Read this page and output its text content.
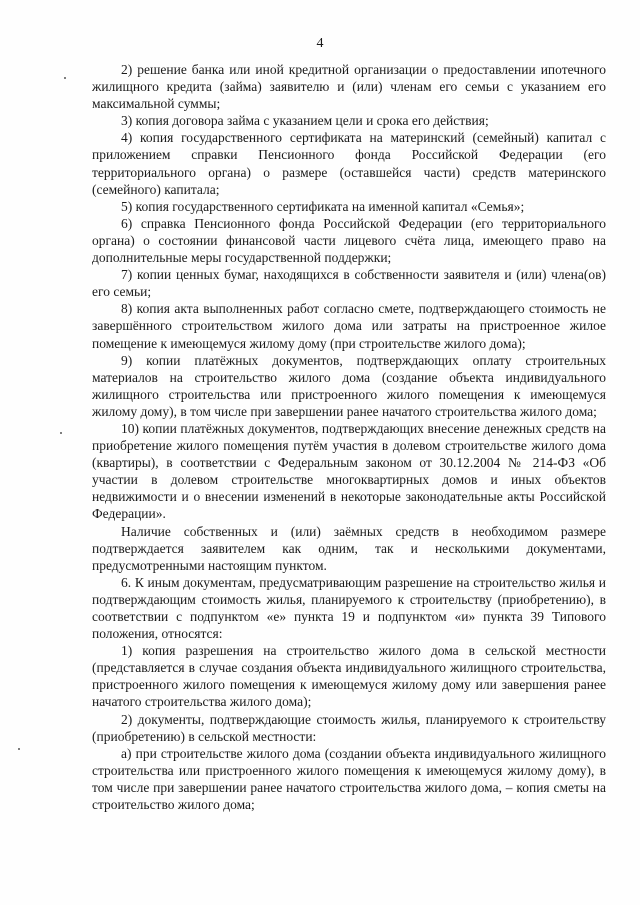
4

2) решение банка или иной кредитной организации о предоставлении ипотечного жилищного кредита (займа) заявителю и (или) членам его семьи с указанием его максимальной суммы;

3) копия договора займа с указанием цели и срока его действия;

4) копия государственного сертификата на материнский (семейный) капитал с приложением справки Пенсионного фонда Российской Федерации (его территориального органа) о размере (оставшейся части) средств материнского (семейного) капитала;

5) копия государственного сертификата на именной капитал «Семья»;

6) справка Пенсионного фонда Российской Федерации (его территориального органа) о состоянии финансовой части лицевого счёта лица, имеющего право на дополнительные меры государственной поддержки;

7) копии ценных бумаг, находящихся в собственности заявителя и (или) члена(ов) его семьи;

8) копия акта выполненных работ согласно смете, подтверждающего стоимость не завершённого строительством жилого дома или затраты на пристроенное жилое помещение к имеющемуся жилому дому (при строительстве жилого дома);

9) копии платёжных документов, подтверждающих оплату строительных материалов на строительство жилого дома (создание объекта индивидуального жилищного строительства или пристроенного жилого помещения к имеющемуся жилому дому), в том числе при завершении ранее начатого строительства жилого дома;

10) копии платёжных документов, подтверждающих внесение денежных средств на приобретение жилого помещения путём участия в долевом строительстве жилого дома (квартиры), в соответствии с Федеральным законом от 30.12.2004 № 214-ФЗ «Об участии в долевом строительстве многоквартирных домов и иных объектов недвижимости и о внесении изменений в некоторые законодательные акты Российской Федерации».

Наличие собственных и (или) заёмных средств в необходимом размере подтверждается заявителем как одним, так и несколькими документами, предусмотренными настоящим пунктом.

6. К иным документам, предусматривающим разрешение на строительство жилья и подтверждающим стоимость жилья, планируемого к строительству (приобретению), в соответствии с подпунктом «е» пункта 19 и подпунктом «и» пункта 39 Типового положения, относятся:

1) копия разрешения на строительство жилого дома в сельской местности (представляется в случае создания объекта индивидуального жилищного строительства, пристроенного жилого помещения к имеющемуся жилому дому или завершения ранее начатого строительства жилого дома);

2) документы, подтверждающие стоимость жилья, планируемого к строительству (приобретению) в сельской местности:

а) при строительстве жилого дома (создании объекта индивидуального жилищного строительства или пристроенного жилого помещения к имеющемуся жилому дому), в том числе при завершении ранее начатого строительства жилого дома, – копия сметы на строительство жилого дома;
